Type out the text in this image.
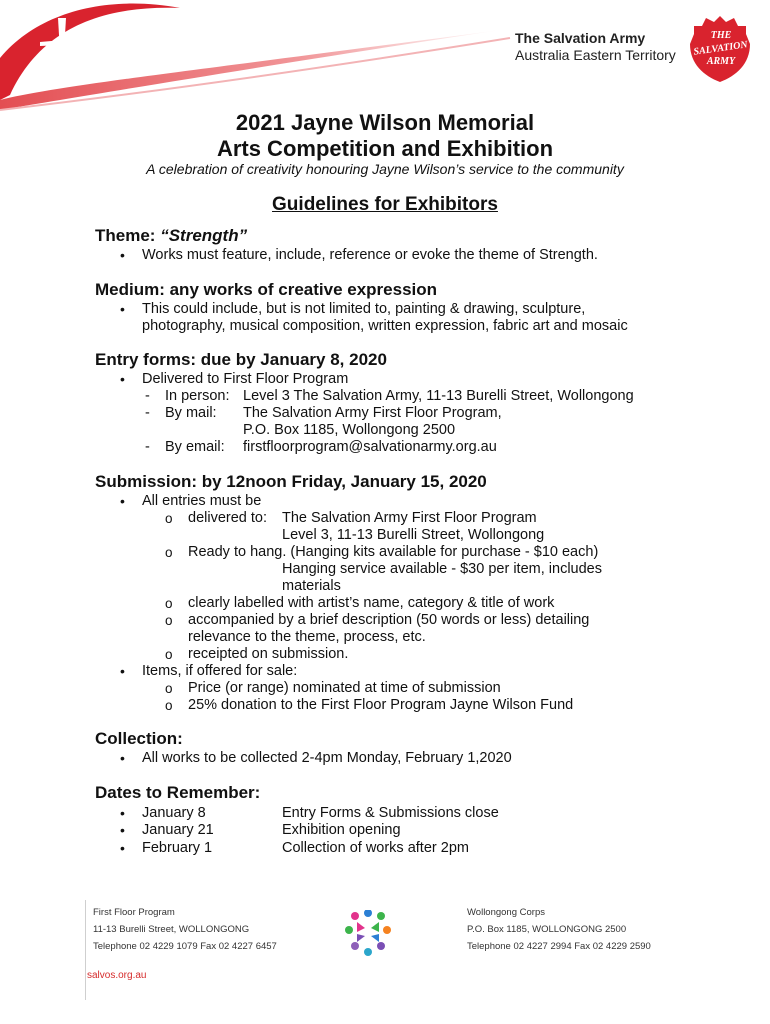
The Salvation Army
Australia Eastern Territory
THE
SALVATION
ARMY
2021 Jayne Wilson Memorial
Arts Competition and Exhibition
A celebration of creativity honouring Jayne Wilson’s service to the community
Guidelines for Exhibitors
Theme: “Strength”
• Works must feature, include, reference or evoke the theme of Strength.
Medium: any works of creative expression
• This could include, but is not limited to, painting & drawing, sculpture,
photography, musical composition, written expression, fabric art and mosaic
Entry forms: due by January 8, 2020
• Delivered to First Floor Program
- In person: Level 3 The Salvation Army, 11-13 Burelli Street, Wollongong
- By mail: The Salvation Army First Floor Program,
P.O. Box 1185, Wollongong 2500
- By email: firstfloorprogram@salvationarmy.org.au
Submission: by 12noon Friday, January 15, 2020
• All entries must be
o delivered to: The Salvation Army First Floor Program
Level 3, 11-13 Burelli Street, Wollongong
o Ready to hang. (Hanging kits available for purchase - $10 each)
Hanging service available - $30 per item, includes
materials
o clearly labelled with artist’s name, category & title of work
o accompanied by a brief description (50 words or less) detailing
relevance to the theme, process, etc.
o receipted on submission.
• Items, if offered for sale:
o Price (or range) nominated at time of submission
o 25% donation to the First Floor Program Jayne Wilson Fund
Collection:
• All works to be collected 2-4pm Monday, February 1,2020
Dates to Remember:
• January 8	Entry Forms & Submissions close
• January 21	Exhibition opening
• February 1	Collection of works after 2pm
First Floor Program
11-13 Burelli Street, WOLLONGONG
Telephone 02 4229 1079 Fax 02 4227 6457
Wollongong Corps
P.O. Box 1185, WOLLONGONG 2500
Telephone 02 4227 2994 Fax 02 4229 2590
salvos.org.au
